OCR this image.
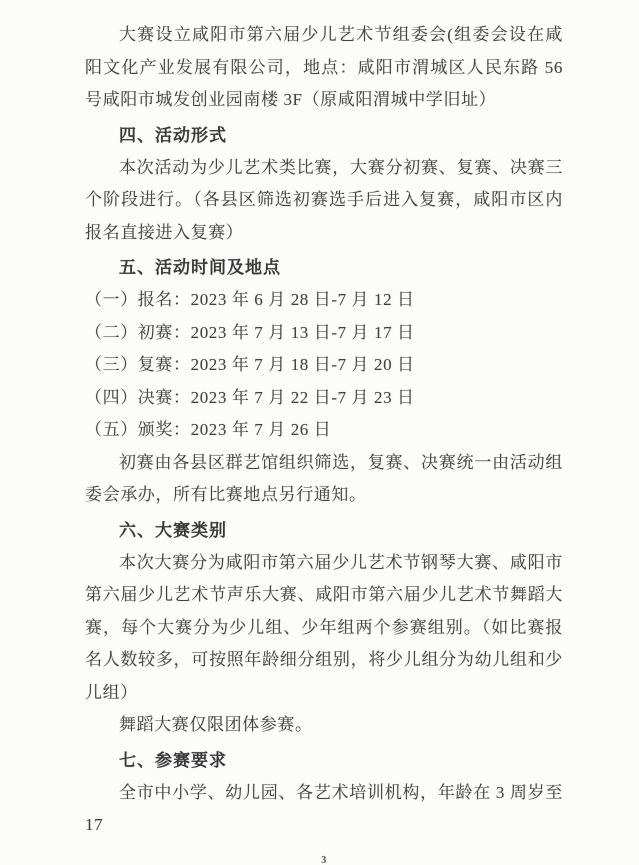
大赛设立咸阳市第六届少儿艺术节组委会(组委会设在咸阳文化产业发展有限公司，地点：咸阳市渭城区人民东路 56 号咸阳市城发创业园南楼 3F（原咸阳渭城中学旧址）

四、活动形式

本次活动为少儿艺术类比赛，大赛分初赛、复赛、决赛三个阶段进行。（各县区筛选初赛选手后进入复赛，咸阳市区内报名直接进入复赛）

五、活动时间及地点

（一）报名：2023 年 6 月 28 日-7 月 12 日

（二）初赛：2023 年 7 月 13 日-7 月 17 日

（三）复赛：2023 年 7 月 18 日-7 月 20 日

（四）决赛：2023 年 7 月 22 日-7 月 23 日

（五）颁奖：2023 年 7 月 26 日

初赛由各县区群艺馆组织筛选，复赛、决赛统一由活动组委会承办，所有比赛地点另行通知。

六、大赛类别

本次大赛分为咸阳市第六届少儿艺术节钢琴大赛、咸阳市第六届少儿艺术节声乐大赛、咸阳市第六届少儿艺术节舞蹈大赛，每个大赛分为少儿组、少年组两个参赛组别。（如比赛报名人数较多，可按照年龄细分组别，将少儿组分为幼儿组和少儿组）

舞蹈大赛仅限团体参赛。

七、参赛要求

全市中小学、幼儿园、各艺术培训机构，年龄在 3 周岁至 17

3
